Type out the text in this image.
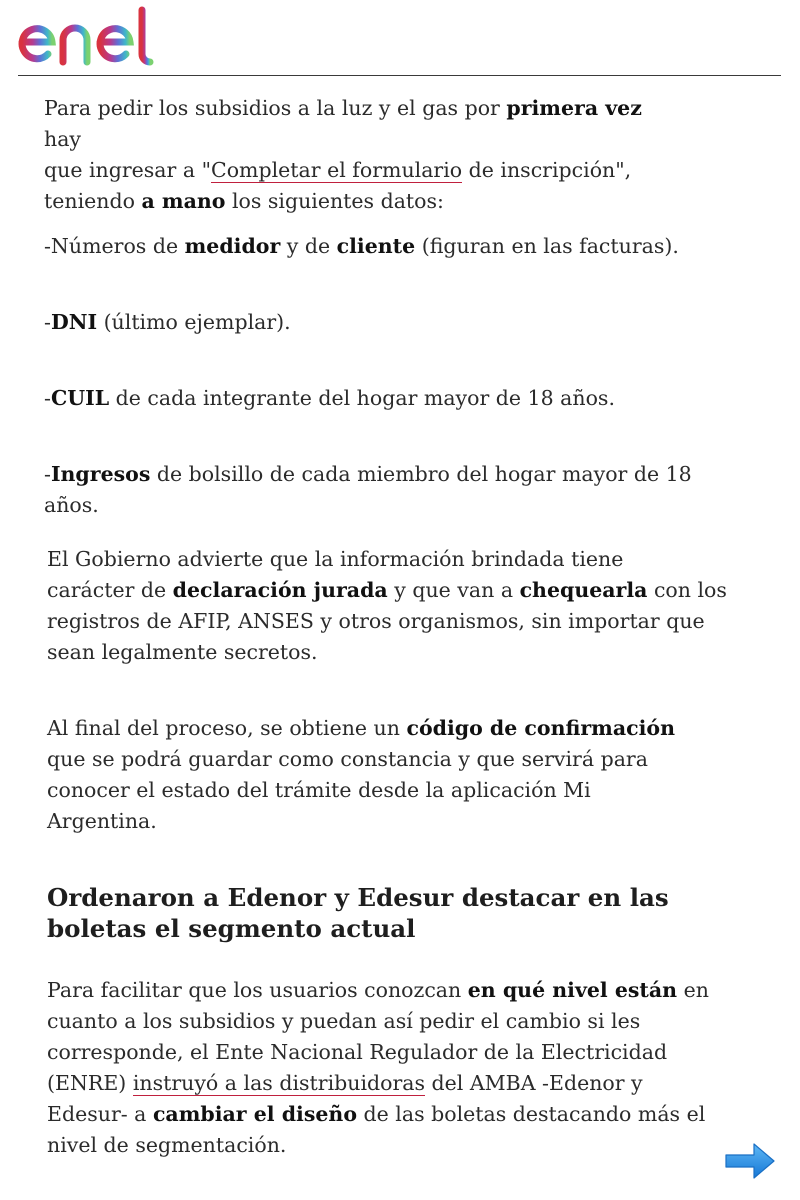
Para pedir los subsidios a la luz y el gas por primera vez hay
que ingresar a "Completar el formulario de inscripción",
teniendo a mano los siguientes datos:

-Números de medidor y de cliente (figuran en las facturas).

-DNI (último ejemplar).

-CUIL de cada integrante del hogar mayor de 18 años.

-Ingresos de bolsillo de cada miembro del hogar mayor de 18
años.

El Gobierno advierte que la información brindada tiene
carácter de declaración jurada y que van a chequearla con los
registros de AFIP, ANSES y otros organismos, sin importar que
sean legalmente secretos.

Al final del proceso, se obtiene un código de confirmación
que se podrá guardar como constancia y que servirá para
conocer el estado del trámite desde la aplicación Mi
Argentina.

Ordenaron a Edenor y Edesur destacar en las
boletas el segmento actual

Para facilitar que los usuarios conozcan en qué nivel están en
cuanto a los subsidios y puedan así pedir el cambio si les
corresponde, el Ente Nacional Regulador de la Electricidad
(ENRE) instruyó a las distribuidoras del AMBA -Edenor y
Edesur- a cambiar el diseño de las boletas destacando más el
nivel de segmentación.
